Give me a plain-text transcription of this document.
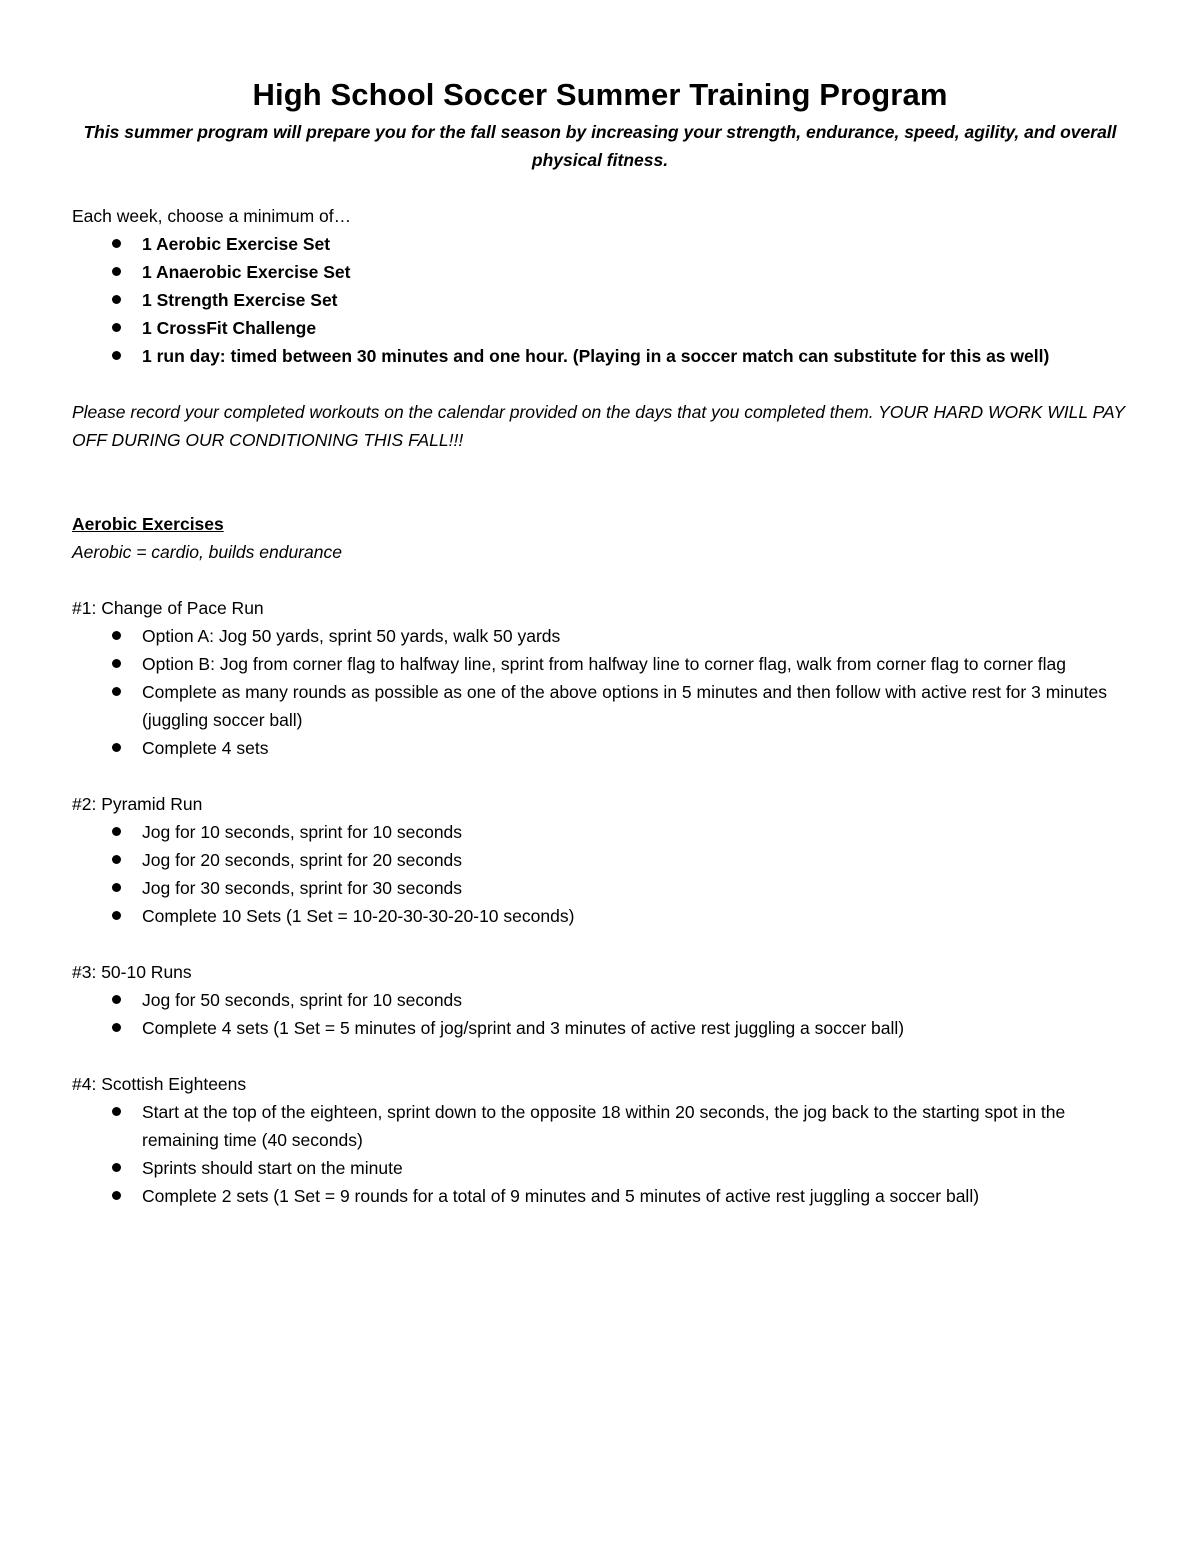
High School Soccer Summer Training Program
This summer program will prepare you for the fall season by increasing your strength, endurance, speed, agility, and overall physical fitness.

Each week, choose a minimum of…

1 Aerobic Exercise Set
1 Anaerobic Exercise Set
1 Strength Exercise Set
1 CrossFit Challenge
1 run day: timed between 30 minutes and one hour. (Playing in a soccer match can substitute for this as well)

Please record your completed workouts on the calendar provided on the days that you completed them. YOUR HARD WORK WILL PAY OFF DURING OUR CONDITIONING THIS FALL!!!

Aerobic Exercises

Aerobic = cardio, builds endurance

#1: Change of Pace Run

Option A: Jog 50 yards, sprint 50 yards, walk 50 yards
Option B: Jog from corner flag to halfway line, sprint from halfway line to corner flag, walk from corner flag to corner flag
Complete as many rounds as possible as one of the above options in 5 minutes and then follow with active rest for 3 minutes (juggling soccer ball)
Complete 4 sets

#2: Pyramid Run

Jog for 10 seconds, sprint for 10 seconds
Jog for 20 seconds, sprint for 20 seconds
Jog for 30 seconds, sprint for 30 seconds
Complete 10 Sets (1 Set = 10-20-30-30-20-10 seconds)

#3: 50-10 Runs

Jog for 50 seconds, sprint for 10 seconds
Complete 4 sets (1 Set = 5 minutes of jog/sprint and 3 minutes of active rest juggling a soccer ball)

#4: Scottish Eighteens

Start at the top of the eighteen, sprint down to the opposite 18 within 20 seconds, the jog back to the starting spot in the remaining time (40 seconds)
Sprints should start on the minute
Complete 2 sets (1 Set = 9 rounds for a total of 9 minutes and 5 minutes of active rest juggling a soccer ball)
